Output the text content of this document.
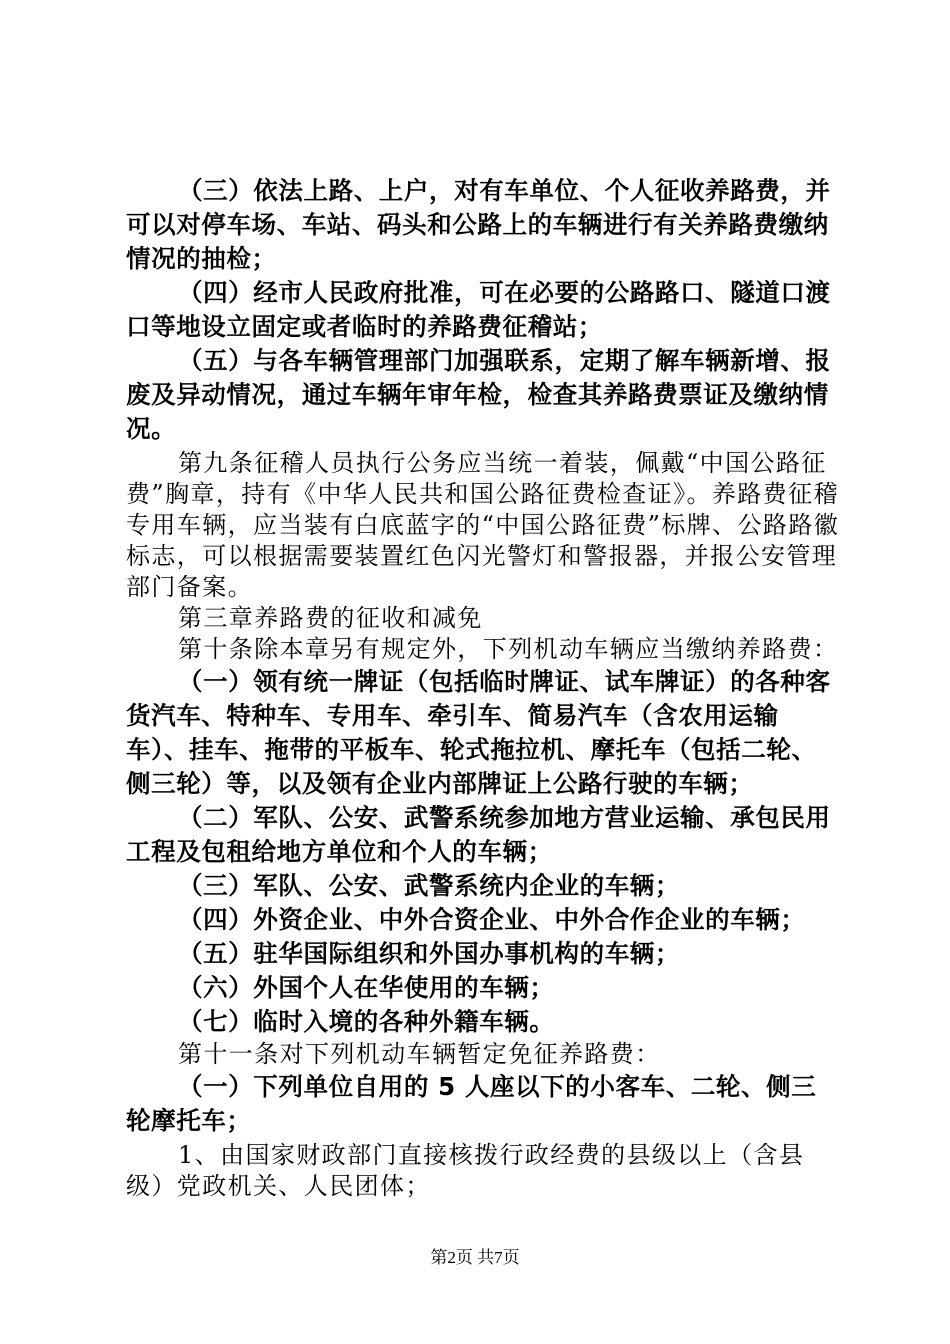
（三）依法上路、上户，对有车单位、个人征收养路费，并可以对停车场、车站、码头和公路上的车辆进行有关养路费缴纳情况的抽检；

（四）经市人民政府批准，可在必要的公路路口、隧道口渡口等地设立固定或者临时的养路费征稽站；

（五）与各车辆管理部门加强联系，定期了解车辆新增、报废及异动情况，通过车辆年审年检，检查其养路费票证及缴纳情况。

第九条征稽人员执行公务应当统一着装，佩戴“中国公路征费”胸章，持有《中华人民共和国公路征费检查证》。养路费征稽专用车辆，应当装有白底蓝字的“中国公路征费”标牌、公路路徽标志，可以根据需要装置红色闪光警灯和警报器，并报公安管理部门备案。

第三章养路费的征收和减免

第十条除本章另有规定外，下列机动车辆应当缴纳养路费：

（一）领有统一牌证（包括临时牌证、试车牌证）的各种客货汽车、特种车、专用车、牵引车、简易汽车（含农用运输车）、挂车、拖带的平板车、轮式拖拉机、摩托车（包括二轮、侧三轮）等，以及领有企业内部牌证上公路行驶的车辆；

（二）军队、公安、武警系统参加地方营业运输、承包民用工程及包租给地方单位和个人的车辆；

（三）军队、公安、武警系统内企业的车辆；

（四）外资企业、中外合资企业、中外合作企业的车辆；

（五）驻华国际组织和外国办事机构的车辆；

（六）外国个人在华使用的车辆；

（七）临时入境的各种外籍车辆。

第十一条对下列机动车辆暂定免征养路费：

（一）下列单位自用的 5 人座以下的小客车、二轮、侧三轮摩托车；

1、由国家财政部门直接核拨行政经费的县级以上（含县级）党政机关、人民团体；

第2页 共7页
